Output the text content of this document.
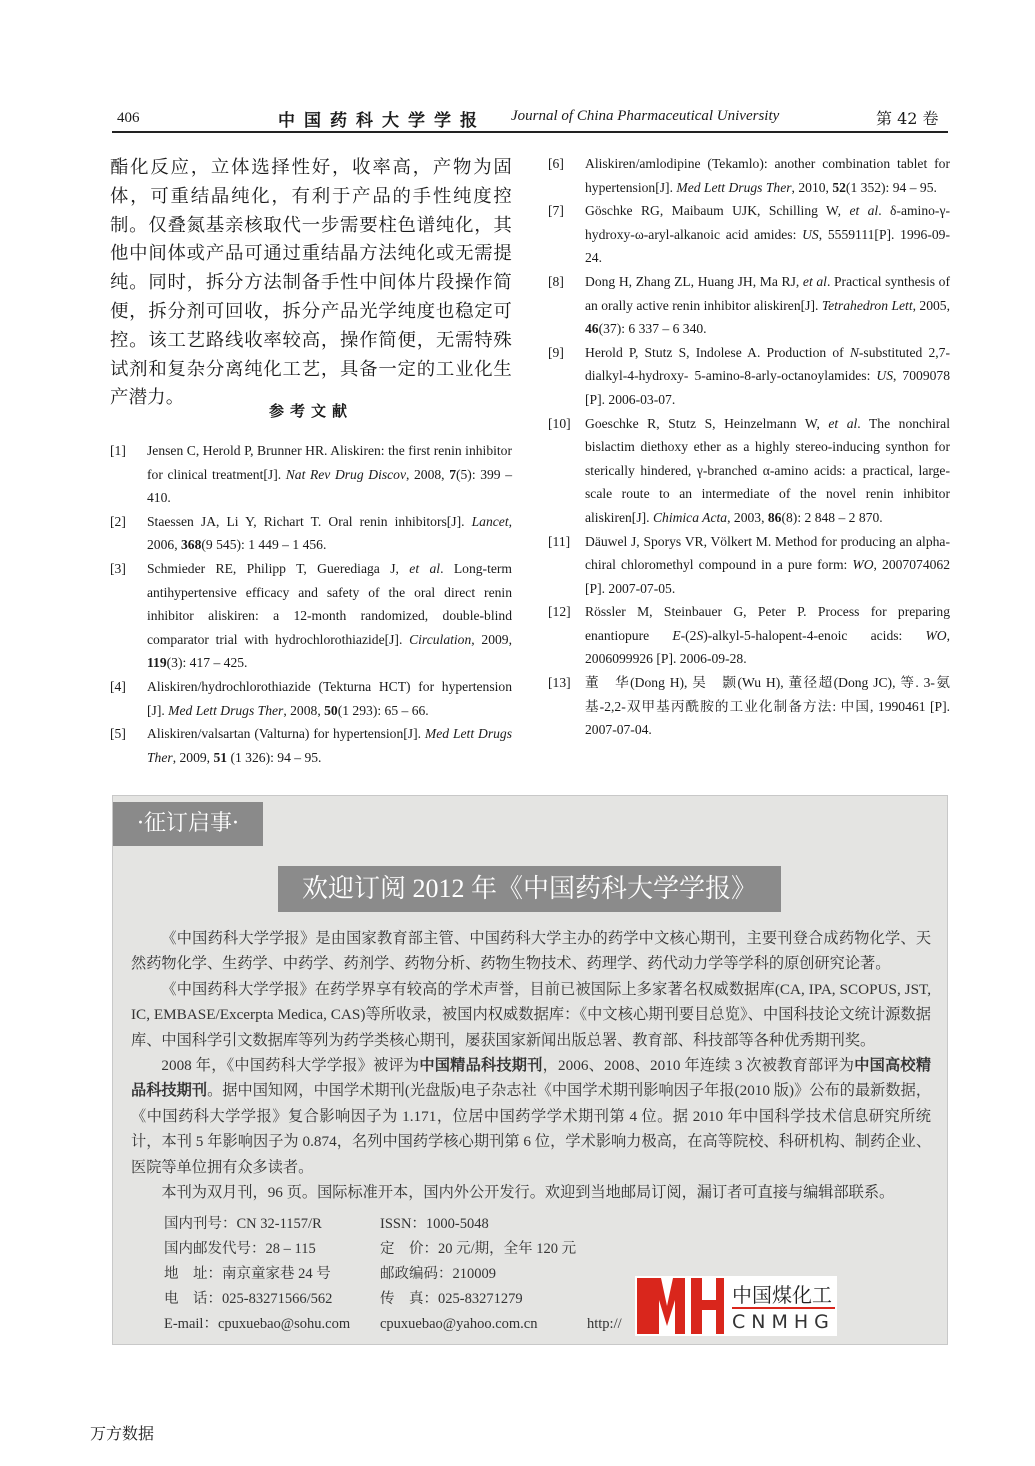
406	中国药科大学学报 Journal of China Pharmaceutical University	第 42 卷
酯化反应，立体选择性好，收率高，产物为固体，可重结晶纯化，有利于产品的手性纯度控制。仅叠氮基亲核取代一步需要柱色谱纯化，其他中间体或产品可通过重结晶方法纯化或无需提纯。同时，拆分方法制备手性中间体片段操作简便，拆分剂可回收，拆分产品光学纯度也稳定可控。该工艺路线收率较高，操作简便，无需特殊试剂和复杂分离纯化工艺，具备一定的工业化生产潜力。
参考文献
[1]	Jensen C, Herold P, Brunner HR. Aliskiren: the first renin inhibitor for clinical treatment[J]. Nat Rev Drug Discov, 2008, 7(5): 399 – 410.
[2]	Staessen JA, Li Y, Richart T. Oral renin inhibitors[J]. Lancet, 2006, 368(9 545): 1 449 – 1 456.
[3]	Schmieder RE, Philipp T, Guerediaga J, et al. Long-term antihypertensive efficacy and safety of the oral direct renin inhibitor aliskiren: a 12-month randomized, double-blind comparator trial with hydrochlorothiazide[J]. Circulation, 2009, 119(3): 417 – 425.
[4]	Aliskiren/hydrochlorothiazide (Tekturna HCT) for hypertension [J]. Med Lett Drugs Ther, 2008, 50(1 293): 65 – 66.
[5]	Aliskiren/valsartan (Valturna) for hypertension[J]. Med Lett Drugs Ther, 2009, 51 (1 326): 94 – 95.
[6]	Aliskiren/amlodipine (Tekamlo): another combination tablet for hypertension[J]. Med Lett Drugs Ther, 2010, 52(1 352): 94 – 95.
[7]	Göschke RG, Maibaum UJK, Schilling W, et al. δ-amino-γ-hydroxy-ω-aryl-alkanoic acid amides: US, 5559111[P]. 1996-09-24.
[8]	Dong H, Zhang ZL, Huang JH, Ma RJ, et al. Practical synthesis of an orally active renin inhibitor aliskiren[J]. Tetrahedron Lett, 2005, 46(37): 6 337 – 6 340.
[9]	Herold P, Stutz S, Indolese A. Production of N-substituted 2,7-dialkyl-4-hydroxy- 5-amino-8-arly-octanoylamides: US, 7009078 [P]. 2006-03-07.
[10]	Goeschke R, Stutz S, Heinzelmann W, et al. The nonchiral bislactim diethoxy ether as a highly stereo-inducing synthon for sterically hindered, γ-branched α-amino acids: a practical, large-scale route to an intermediate of the novel renin inhibitor aliskiren[J]. Chimica Acta, 2003, 86(8): 2 848 – 2 870.
[11]	Däuwel J, Sporys VR, Völkert M. Method for producing an alpha-chiral chloromethyl compound in a pure form: WO, 2007074062 [P]. 2007-07-05.
[12]	Rössler M, Steinbauer G, Peter P. Process for preparing enantiopure E-(2S)-alkyl-5-halopent-4-enoic acids: WO, 2006099926 [P]. 2006-09-28.
[13]	董　华(Dong H), 吴　颢(Wu H), 董径超(Dong JC), 等. 3-氨基-2,2-双甲基丙酰胺的工业化制备方法: 中国, 1990461 [P]. 2007-07-04.
·征订启事·
欢迎订阅 2012 年《中国药科大学学报》

《中国药科大学学报》是由国家教育部主管、中国药科大学主办的药学中文核心期刊，主要刊登合成药物化学、天然药物化学、生药学、中药学、药剂学、药物分析、药物生物技术、药理学、药代动力学等学科的原创研究论著。

《中国药科大学学报》在药学界享有较高的学术声誉，目前已被国际上多家著名权威数据库(CA, IPA, SCOPUS, JST, IC, EMBASE/Excerpta Medica, CAS)等所收录，被国内权威数据库：《中文核心期刊要目总览》、中国科技论文统计源数据库、中国科学引文数据库等列为药学类核心期刊，屡获国家新闻出版总署、教育部、科技部等各种优秀期刊奖。

2008 年，《中国药科大学学报》被评为中国精品科技期刊，2006、2008、2010 年连续 3 次被教育部评为中国高校精品科技期刊。据中国知网，中国学术期刊(光盘版)电子杂志社《中国学术期刊影响因子年报(2010 版)》公布的最新数据，《中国药科大学学报》复合影响因子为 1.171，位居中国药学学术期刊第 4 位。据 2010 年中国科学技术信息研究所统计，本刊 5 年影响因子为 0.874，名列中国药学核心期刊第 6 位，学术影响力极高，在高等院校、科研机构、制药企业、医院等单位拥有众多读者。

本刊为双月刊，96 页。国际标准开本，国内外公开发行。欢迎到当地邮局订阅，漏订者可直接与编辑部联系。

国内刊号：CN 32-1157/R	ISSN：1000-5048
国内邮发代号：28 – 115	定　价：20 元/期，全年 120 元
地　址：南京童家巷 24 号	邮政编码：210009
电　话：025-83271566/562	传　真：025-83271279
E-mail：cpuxuebao@sohu.com	cpuxuebao@yahoo.com.cn	http://
中国煤化工
CNMHG
万方数据
